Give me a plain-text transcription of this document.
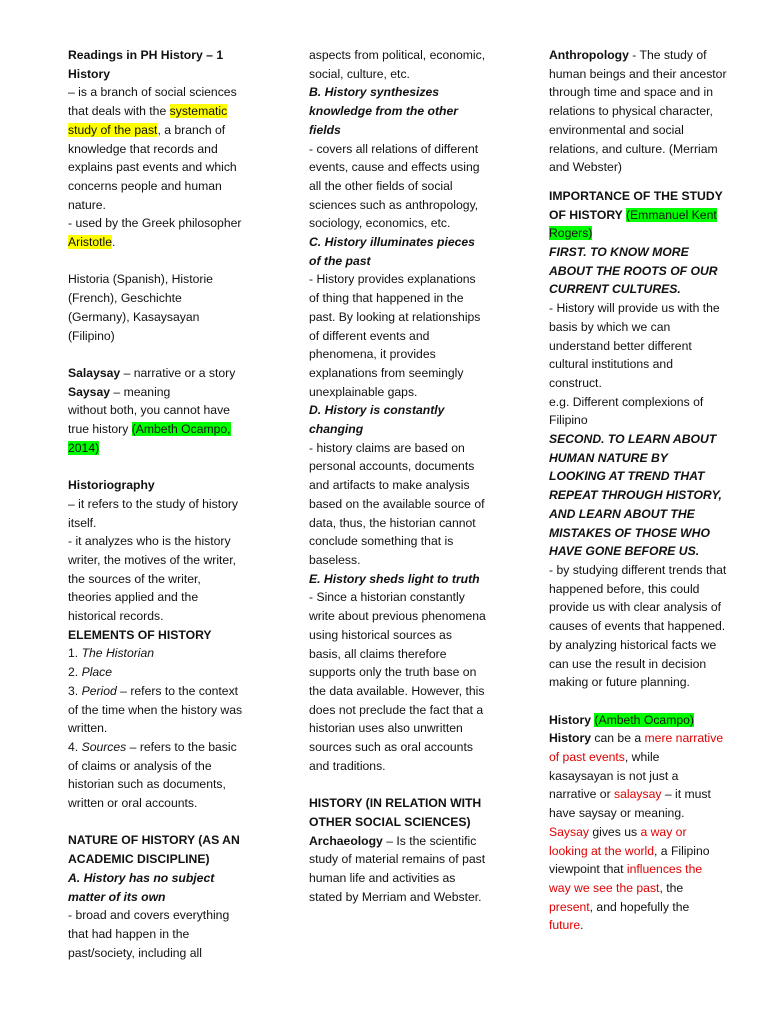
Readings in PH History – 1

History

– is a branch of social sciences that deals with the systematic study of the past, a branch of knowledge that records and explains past events and which concerns people and human nature.

- used by the Greek philosopher Aristotle.

Historia (Spanish), Historie (French), Geschichte (Germany), Kasaysayan (Filipino)

Salaysay – narrative or a story

Saysay – meaning

without both, you cannot have true history (Ambeth Ocampo, 2014)

Historiography

– it refers to the study of history itself.

- it analyzes who is the history writer, the motives of the writer, the sources of the writer, theories applied and the historical records.

ELEMENTS OF HISTORY

1. The Historian

2. Place

3. Period – refers to the context of the time when the history was written.

4. Sources – refers to the basic of claims or analysis of the historian such as documents, written or oral accounts.

NATURE OF HISTORY (AS AN ACADEMIC DISCIPLINE)

A. History has no subject matter of its own

- broad and covers everything that had happen in the past/society, including all

aspects from political, economic, social, culture, etc.

B. History synthesizes knowledge from the other fields

- covers all relations of different events, cause and effects using all the other fields of social sciences such as anthropology, sociology, economics, etc.

C. History illuminates pieces of the past

- History provides explanations of thing that happened in the past. By looking at relationships of different events and phenomena, it provides explanations from seemingly unexplainable gaps.

D. History is constantly changing

- history claims are based on personal accounts, documents and artifacts to make analysis based on the available source of data, thus, the historian cannot conclude something that is baseless.

E. History sheds light to truth

- Since a historian constantly write about previous phenomena using historical sources as basis, all claims therefore supports only the truth base on the data available. However, this does not preclude the fact that a historian uses also unwritten sources such as oral accounts and traditions.

HISTORY (IN RELATION WITH OTHER SOCIAL SCIENCES)

Archaeology – Is the scientific study of material remains of past human life and activities as stated by Merriam and Webster.

Anthropology - The study of human beings and their ancestor through time and space and in relations to physical character, environmental and social relations, and culture. (Merriam and Webster)

IMPORTANCE OF THE STUDY OF HISTORY (Emmanuel Kent Rogers)

FIRST. TO KNOW MORE ABOUT THE ROOTS OF OUR CURRENT CULTURES.

- History will provide us with the basis by which we can understand better different cultural institutions and construct.

e.g. Different complexions of Filipino

SECOND. TO LEARN ABOUT HUMAN NATURE BY LOOKING AT TREND THAT REPEAT THROUGH HISTORY, AND LEARN ABOUT THE MISTAKES OF THOSE WHO HAVE GONE BEFORE US.

- by studying different trends that happened before, this could provide us with clear analysis of causes of events that happened.

by analyzing historical facts we can use the result in decision making or future planning.

History (Ambeth Ocampo)

History can be a mere narrative of past events, while kasaysayan is not just a narrative or salaysay – it must have saysay or meaning. Saysay gives us a way or looking at the world, a Filipino viewpoint that influences the way we see the past, the present, and hopefully the future.
